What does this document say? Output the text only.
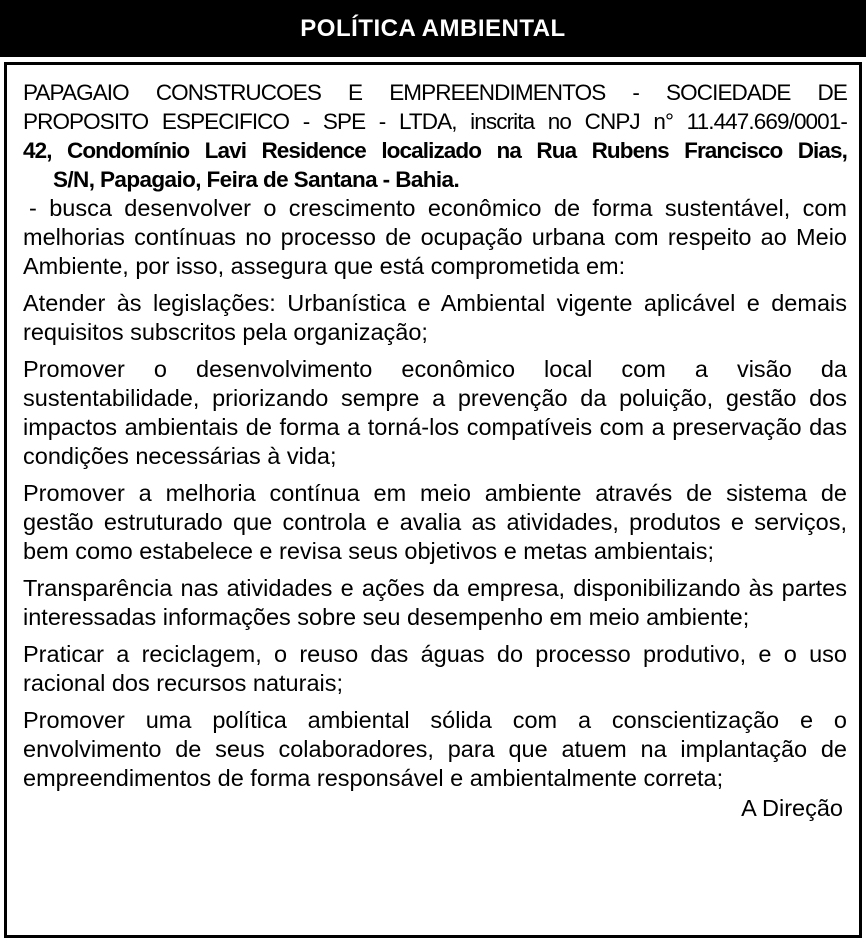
POLÍTICA AMBIENTAL
PAPAGAIO CONSTRUCOES E EMPREENDIMENTOS - SOCIEDADE DE
PROPOSITO ESPECIFICO - SPE - LTDA, inscrita no CNPJ n° 11.447.669/0001-
42, Condomínio Lavi Residence localizado na Rua Rubens Francisco Dias,
S/N, Papagaio, Feira de Santana - Bahia.

- busca desenvolver o crescimento econômico de forma sustentável, com melhorias contínuas no processo de ocupação urbana com respeito ao Meio Ambiente, por isso, assegura que está comprometida em:

Atender às legislações: Urbanística e Ambiental vigente aplicável e demais requisitos subscritos pela organização;

Promover o desenvolvimento econômico local com a visão da sustentabilidade, priorizando sempre a prevenção da poluição, gestão dos impactos ambientais de forma a torná-los compatíveis com a preservação das condições necessárias à vida;

Promover a melhoria contínua em meio ambiente através de sistema de gestão estruturado que controla e avalia as atividades, produtos e serviços, bem como estabelece e revisa seus objetivos e metas ambientais;

Transparência nas atividades e ações da empresa, disponibilizando às partes interessadas informações sobre seu desempenho em meio ambiente;

Praticar a reciclagem, o reuso das águas do processo produtivo, e o uso racional dos recursos naturais;

Promover uma política ambiental sólida com a conscientização e o envolvimento de seus colaboradores, para que atuem na implantação de empreendimentos de forma responsável e ambientalmente correta;

A Direção
